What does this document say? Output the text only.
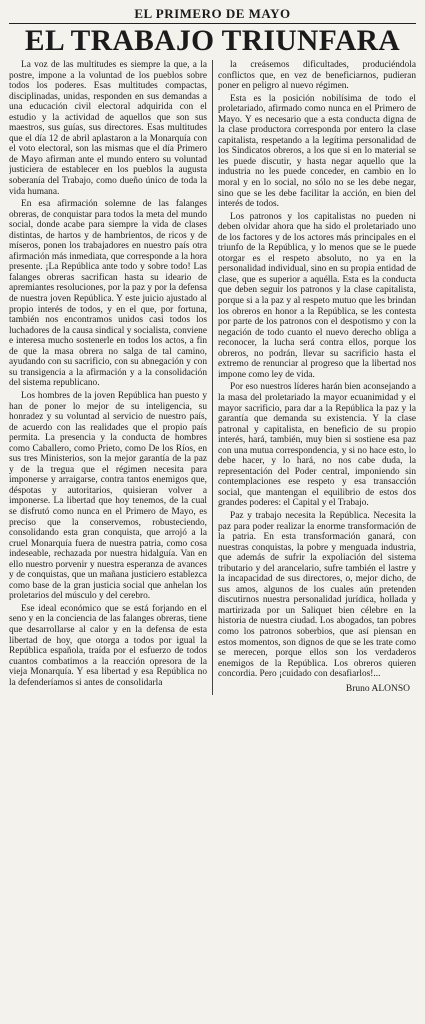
EL PRIMERO DE MAYO
EL TRABAJO TRIUNFARA

La voz de las multitudes es siempre la que, a la postre, impone a la voluntad de los pueblos sobre todos los poderes. Esas multitudes compactas, disciplinadas, unidas, responden en sus demandas a una educación civil electoral adquirida con el estudio y la actividad de aquellos que son sus maestros, sus guías, sus directores. Esas multitudes que el día 12 de abril aplastaron a la Monarquía con el voto electoral, son las mismas que el día Primero de Mayo afirman ante el mundo entero su voluntad justiciera de establecer en los pueblos la augusta soberanía del Trabajo, como dueño único de toda la vida humana.

En esa afirmación solemne de las falanges obreras, de conquistar para todos la meta del mundo social, donde acabe para siempre la vida de clases distintas, de hartos y de hambrientos, de ricos y de míseros, ponen los trabajadores en nuestro país otra afirmación más inmediata, que corresponde a la hora presente. ¡La República ante todo y sobre todo! Las falanges obreras sacrifican hasta su ideario de apremiantes resoluciones, por la paz y por la defensa de nuestra joven República. Y este juicio ajustado al propio interés de todos, y en el que, por fortuna, también nos encontramos unidos casi todos los luchadores de la causa sindical y socialista, conviene e interesa mucho sostenerle en todos los actos, a fin de que la masa obrera no salga de tal camino, ayudando con su sacrificio, con su abnegación y con su transigencia a la afirmación y a la consolidación del sistema republicano.

Los hombres de la joven República han puesto y han de poner lo mejor de su inteligencia, su honradez y su voluntad al servicio de nuestro país, de acuerdo con las realidades que el propio país permita. La presencia y la conducta de hombres como Caballero, como Prieto, como De los Ríos, en sus tres Ministerios, son la mejor garantía de la paz y de la tregua que el régimen necesita para imponerse y arraigarse, contra tantos enemigos que, déspotas y autoritarios, quisieran volver a imponerse. La libertad que hoy tenemos, de la cual se disfrutó como nunca en el Primero de Mayo, es preciso que la conservemos, robusteciendo, consolidando esta gran conquista, que arrojó a la cruel Monarquía fuera de nuestra patria, como cosa indeseable, rechazada por nuestra hidalguía. Van en ello nuestro porvenir y nuestra esperanza de avances y de conquistas, que un mañana justiciero establezca como base de la gran justicia social que anhelan los proletarios del músculo y del cerebro.

Ese ideal económico que se está forjando en el seno y en la conciencia de las falanges obreras, tiene que desarrollarse al calor y en la defensa de esta libertad de hoy, que otorga a todos por igual la República española, traída por el esfuerzo de todos cuantos combatimos a la reacción opresora de la vieja Monarquía. Y esa libertad y esa República no la defenderíamos si antes de consolidarla

la creásemos dificultades, produciéndola conflictos que, en vez de beneficiarnos, pudieran poner en peligro al nuevo régimen.

Esta es la posición nobilísima de todo el proletariado, afirmado como nunca en el Primero de Mayo. Y es necesario que a esta conducta digna de la clase productora corresponda por entero la clase capitalista, respetando a la legítima personalidad de los Sindicatos obreros, a los que si en lo material se les puede discutir, y hasta negar aquello que la industria no les puede conceder, en cambio en lo moral y en lo social, no sólo no se les debe negar, sino que se les debe facilitar la acción, en bien del interés de todos.

Los patronos y los capitalistas no pueden ni deben olvidar ahora que ha sido el proletariado uno de los factores y de los actores más principales en el triunfo de la República, y lo menos que se le puede otorgar es el respeto absoluto, no ya en la personalidad individual, sino en su propia entidad de clase, que es superior a aquélla. Esta es la conducta que deben seguir los patronos y la clase capitalista, porque si a la paz y al respeto mutuo que les brindan los obreros en honor a la República, se les contesta por parte de los patronos con el despotismo y con la negación de todo cuanto el nuevo derecho obliga a reconocer, la lucha será contra ellos, porque los obreros, no podrán, llevar su sacrificio hasta el extremo de renunciar al progreso que la libertad nos impone como ley de vida.

Por eso nuestros líderes harán bien aconsejando a la masa del proletariado la mayor ecuanimidad y el mayor sacrificio, para dar a la República la paz y la garantía que demanda su existencia. Y la clase patronal y capitalista, en beneficio de su propio interés, hará, también, muy bien si sostiene esa paz con una mutua correspondencia, y si no hace esto, lo debe hacer, y lo hará, no nos cabe duda, la representación del Poder central, imponiendo sin contemplaciones ese respeto y esa transacción social, que mantengan el equilibrio de estos dos grandes poderes: el Capital y el Trabajo.

Paz y trabajo necesita la República. Necesita la paz para poder realizar la enorme transformación de la patria. En esta transformación ganará, con nuestras conquistas, la pobre y menguada industria, que además de sufrir la expoliación del sistema tributario y del arancelario, sufre también el lastre y la incapacidad de sus directores, o, mejor dicho, de sus amos, algunos de los cuales aún pretenden discutirnos nuestra personalidad jurídica, hollada y martirizada por un Saliquet bien célebre en la historia de nuestra ciudad. Los abogados, tan pobres como los patronos soberbios, que así piensan en estos momentos, son dignos de que se les trate como se merecen, porque ellos son los verdaderos enemigos de la República. Los obreros quieren concordia. Pero ¡cuidado con desafiarlos!...

Bruno ALONSO
